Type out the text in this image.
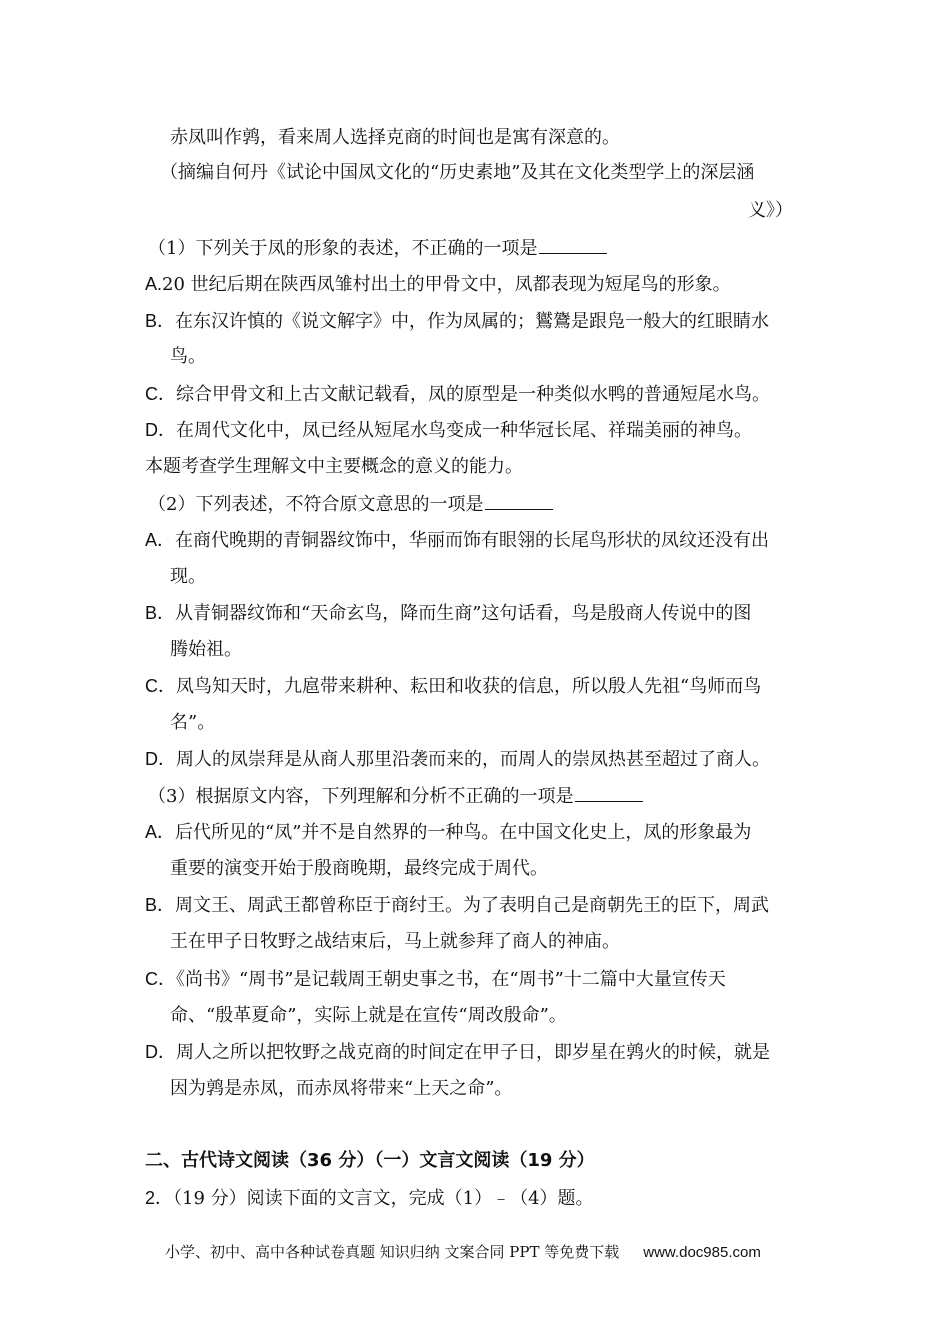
赤凤叫作鹑，看来周人选择克商的时间也是寓有深意的。
（摘编自何丹《试论中国凤文化的“历史素地”及其在文化类型学上的深层涵
义》）
（1）下列关于凤的形象的表述，不正确的一项是
A.20 世纪后期在陕西凤雏村出土的甲骨文中，凤都表现为短尾鸟的形象。
B．在东汉许慎的《说文解字》中，作为凤属的；鸑鷟是跟凫一般大的红眼睛水
鸟。
C．综合甲骨文和上古文献记载看，凤的原型是一种类似水鸭的普通短尾水鸟。
D．在周代文化中，凤已经从短尾水鸟变成一种华冠长尾、祥瑞美丽的神鸟。
本题考查学生理解文中主要概念的意义的能力。
（2）下列表述，不符合原文意思的一项是
A．在商代晚期的青铜器纹饰中，华丽而饰有眼翎的长尾鸟形状的凤纹还没有出
现。
B．从青铜器纹饰和“天命玄鸟，降而生商”这句话看，鸟是殷商人传说中的图
腾始祖。
C．凤鸟知天时，九扈带来耕种、耘田和收获的信息，所以殷人先祖“鸟师而鸟
名”。
D．周人的凤崇拜是从商人那里沿袭而来的，而周人的崇凤热甚至超过了商人。
（3）根据原文内容，下列理解和分析不正确的一项是
A．后代所见的“凤”并不是自然界的一种鸟。在中国文化史上，凤的形象最为
重要的演变开始于殷商晚期，最终完成于周代。
B．周文王、周武王都曾称臣于商纣王。为了表明自己是商朝先王的臣下，周武
王在甲子日牧野之战结束后，马上就参拜了商人的神庙。
C．《尚书》“周书”是记载周王朝史事之书，在“周书”十二篇中大量宣传天
命、“殷革夏命”，实际上就是在宣传“周改殷命”。
D．周人之所以把牧野之战克商的时间定在甲子日，即岁星在鹑火的时候，就是
因为鹑是赤凤，而赤凤将带来“上天之命”。
二、古代诗文阅读（36 分）（一）文言文阅读（19 分）
2．（19 分）阅读下面的文言文，完成（1）﹣（4）题。
小学、初中、高中各种试卷真题 知识归纳 文案合同 PPT 等免费下载 www.doc985.com
